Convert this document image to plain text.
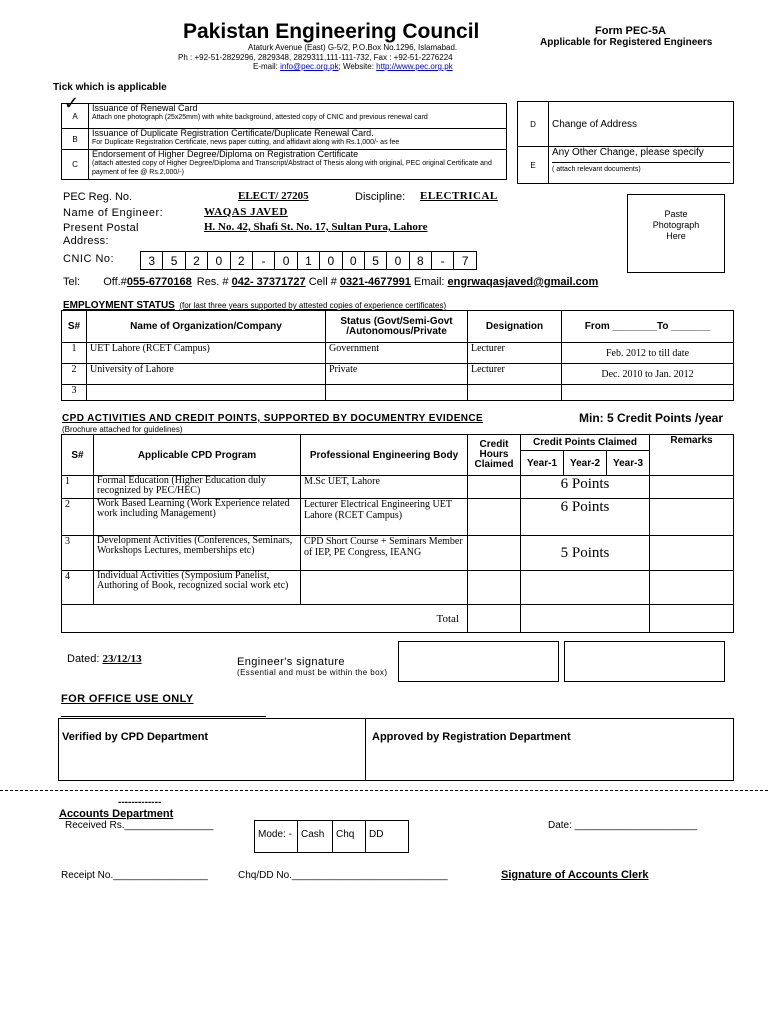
Pakistan Engineering Council
Ataturk Avenue (East) G-5/2, P.O.Box No.1296, Islamabad.
Ph : +92-51-2829296, 2829348, 2829311,111-111-732, Fax : +92-51-2276224
E-mail: info@pec.org.pk; Website: http://www.pec.org.pk
Form PEC-5A
Applicable for Registered Engineers
Tick which is applicable
✓
A	Issuance of Renewal Card
Attach one photograph (25x25mm) with white background, attested copy of CNIC and previous renewal card

B	Issuance of Duplicate Registration Certificate/Duplicate Renewal Card.
For Duplicate Registration Certificate, news paper cutting, and affidavit along with Rs.1,000/- as fee

C	Endorsement of Higher Degree/Diploma on Registration Certificate
(attach attested copy of Higher Degree/Diploma and Transcript/Abstract of Thesis along with original, PEC original Certificate and payment of fee @ Rs.2,000/-)
D	Change of Address
E	Any Other Change, please specify
( attach relevant documents)
PEC Reg. No.	ELECT/ 27205	Discipline: ELECTRICAL
Name of Engineer:	WAQAS JAVED
Present Postal Address:
H. No. 42, Shafi St. No. 17, Sultan Pura, Lahore
Paste Photograph Here
CNIC No:	3	5	2	0	2	-	0	1	0	0	5	0	8	-	7
Tel: Off.#055-6770168 Res. # 042- 37371727 Cell # 0321-4677991 Email: engrwaqasjaved@gmail.com
EMPLOYMENT STATUS (for last three years supported by attested copies of experience certificates)
S#	Name of Organization/Company	Status (Govt/Semi-Govt /Autonomous/Private	Designation	From ________To _______
1	UET Lahore (RCET Campus)	Government	Lecturer	Feb. 2012 to till date
2	University of Lahore	Private	Lecturer	Dec. 2010 to Jan. 2012
3				
CPD ACTIVITIES AND CREDIT POINTS, SUPPORTED BY DOCUMENTRY EVIDENCE	Min: 5 Credit Points /year
(Brochure attached for guidelines)
S#	Applicable CPD Program	Professional Engineering Body	Credit Hours Claimed	Credit Points Claimed			Remarks
				Year-1	Year-2	Year-3	
1	Formal Education (Higher Education duly recognized by PEC/HEC)	M.Sc UET, Lahore		6 Points			
2	Work Based Learning (Work Experience related work including Management)	Lecturer Electrical Engineering UET Lahore (RCET Campus)		6 Points			
3	Development Activities (Conferences, Seminars, Workshops Lectures, memberships etc)	CPD Short Course + Seminars Member of IEP, PE Congress, IEANG		5 Points			
4	Individual Activities (Symposium Panelist, Authoring of Book, recognized social work etc)						
Total							
Dated: 23/12/13	Engineer's signature
(Essential and must be within the box)
FOR OFFICE USE ONLY
Verified by CPD Department	Approved by Registration Department
-------------
Accounts Department
Received Rs.________________
Mode: -	Cash	Chq	DD
Date: ______________________
Receipt No._________________	Chq/DD No.____________________________	Signature of Accounts Clerk
